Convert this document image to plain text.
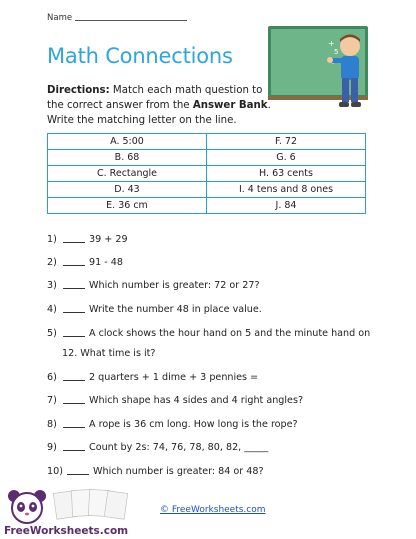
Name
Math Connections
+
5
Directions: Match each math question to the correct answer from the Answer Bank. Write the matching letter on the line.
A. 5:00	F. 72
B. 68	G. 6
C. Rectangle	H. 63 cents
D. 43	I. 4 tens and 8 ones
E. 36 cm	J. 84
1)	39 + 29
2)	91 - 48
3)	Which number is greater: 72 or 27?
4)	Write the number 48 in place value.
5)	A clock shows the hour hand on 5 and the minute hand on
12. What time is it?
6)	2 quarters + 1 dime + 3 pennies =
7)	Which shape has 4 sides and 4 right angles?
8)	A rope is 36 cm long. How long is the rope?
9)	Count by 2s: 74, 76, 78, 80, 82, _____
10)	Which number is greater: 84 or 48?
FreeWorksheets.com
© FreeWorksheets.com
